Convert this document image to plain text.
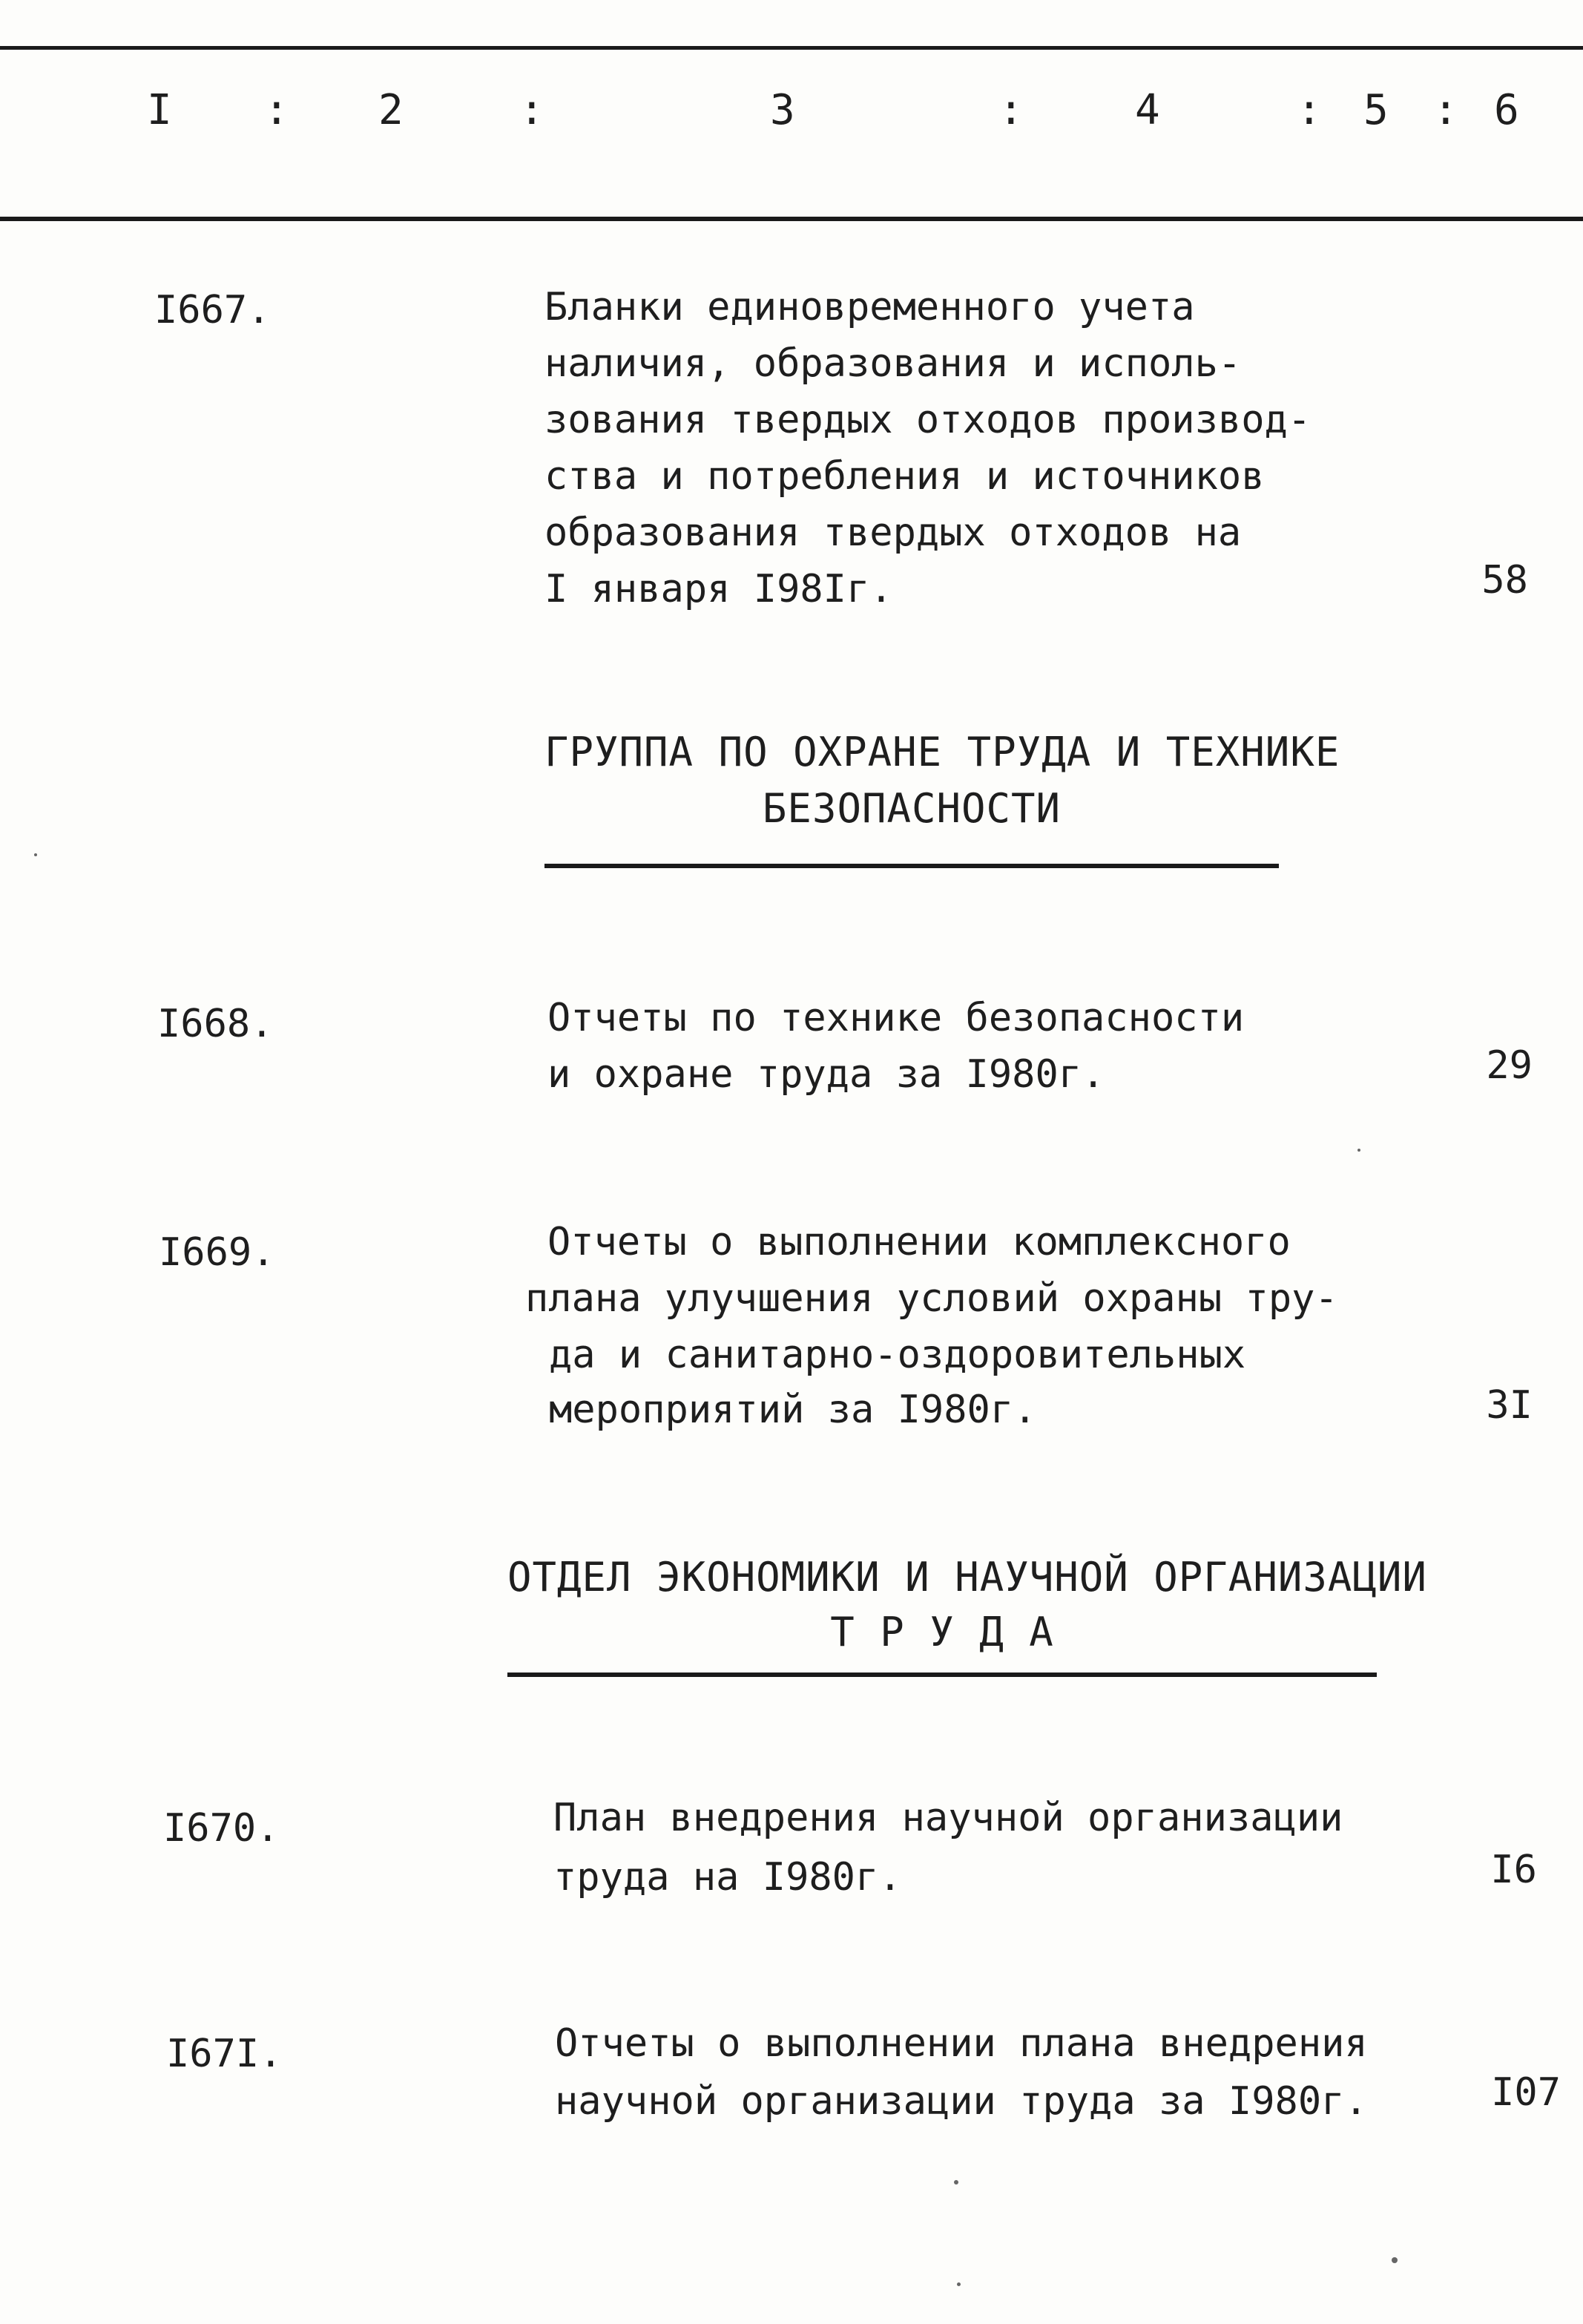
I : 2	:	3	:	4	: 5 : 6
I667.	Бланки единовременного учета
наличия, образования и исполь-
зования твердых отходов производ-
ства и потребления и источников
образования твердых отходов на
I января I98Iг.	58
ГРУППА ПО ОХРАНЕ ТРУДА И ТЕХНИКЕ
БЕЗОПАСНОСТИ
I668.	Отчеты по технике безопасности
и охране труда за I980г.	29
I669.	Отчеты о выполнении комплексного
плана улучшения условий охраны тру-
да и санитарно-оздоровительных
мероприятий за I980г.	3I
ОТДЕЛ ЭКОНОМИКИ И НАУЧНОЙ ОРГАНИЗАЦИИ
Т Р У Д А
I670.	План внедрения научной организации
труда на I980г.	I6
I67I.	Отчеты о выполнении плана внедрения
научной организации труда за I980г.	I07
